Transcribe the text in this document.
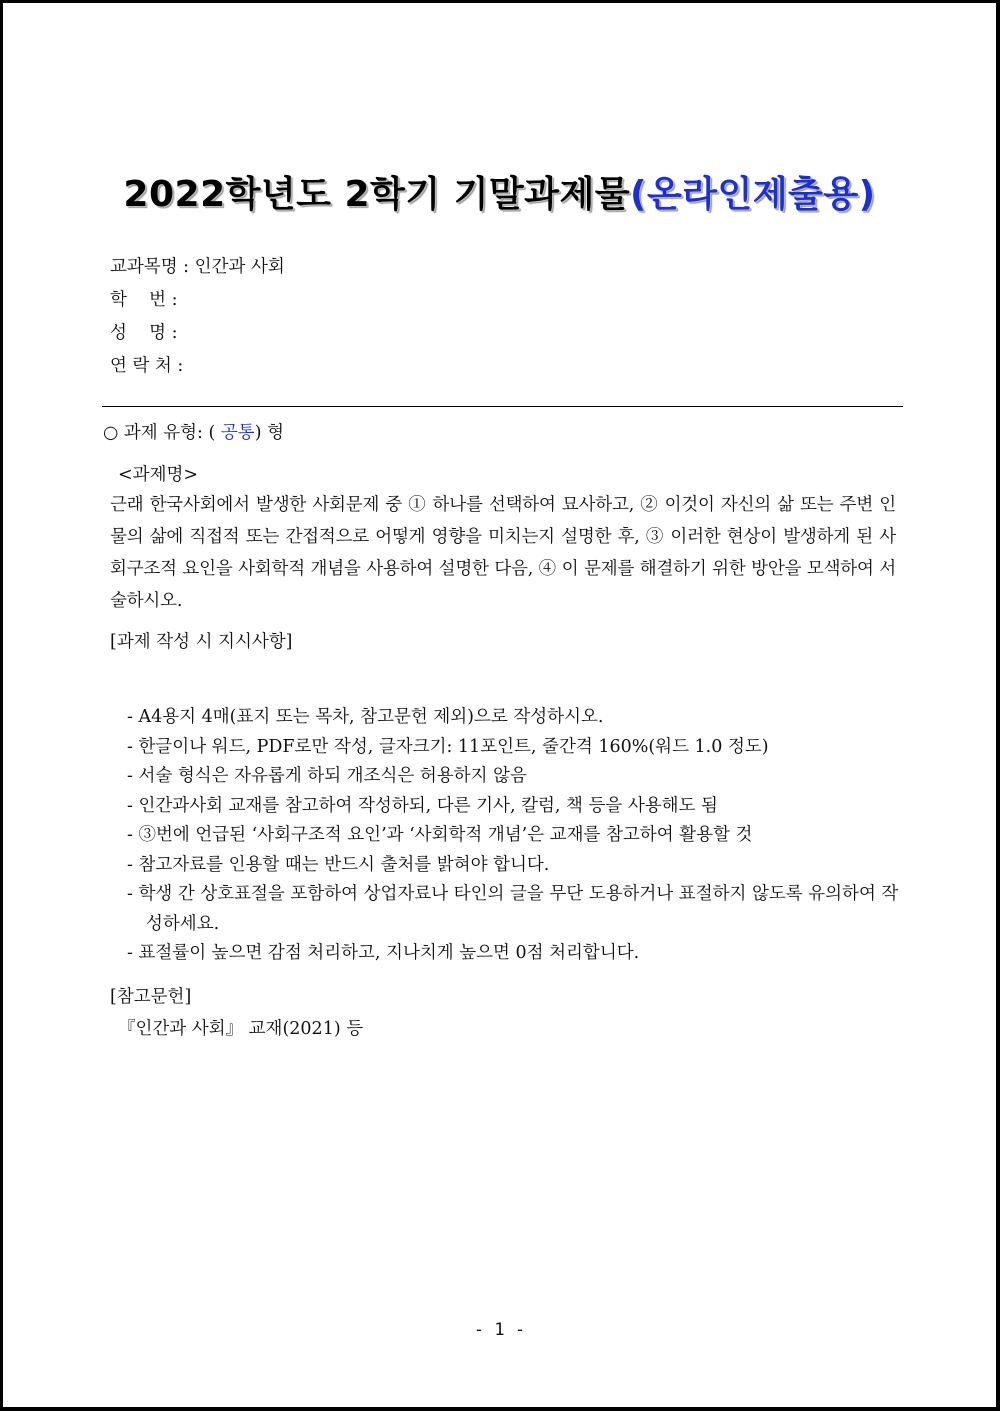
2022학년도 2학기 기말과제물(온라인제출용)
교과목명 : 인간과 사회
학    번 :
성    명 :
연 락 처 :
○ 과제 유형: ( 공통) 형
<과제명>
근래 한국사회에서 발생한 사회문제 중 ① 하나를 선택하여 묘사하고, ② 이것이 자신의 삶 또는 주변 인물의 삶에 직접적 또는 간접적으로 어떻게 영향을 미치는지 설명한 후, ③ 이러한 현상이 발생하게 된 사회구조적 요인을 사회학적 개념을 사용하여 설명한 다음, ④ 이 문제를 해결하기 위한 방안을 모색하여 서술하시오.
[과제 작성 시 지시사항]
- A4용지 4매(표지 또는 목차, 참고문헌 제외)으로 작성하시오.
- 한글이나 워드, PDF로만 작성, 글자크기: 11포인트, 줄간격 160%(워드 1.0 정도)
- 서술 형식은 자유롭게 하되 개조식은 허용하지 않음
- 인간과사회 교재를 참고하여 작성하되, 다른 기사, 칼럼, 책 등을 사용해도 됨
- ③번에 언급된 ‘사회구조적 요인’과 ‘사회학적 개념’은 교재를 참고하여 활용할 것
- 참고자료를 인용할 때는 반드시 출처를 밝혀야 합니다.
- 학생 간 상호표절을 포함하여 상업자료나 타인의 글을 무단 도용하거나 표절하지 않도록 유의하여 작성하세요.
- 표절률이 높으면 감점 처리하고, 지나치게 높으면 0점 처리합니다.
[참고문헌]
『인간과 사회』 교재(2021) 등
- 1 -
